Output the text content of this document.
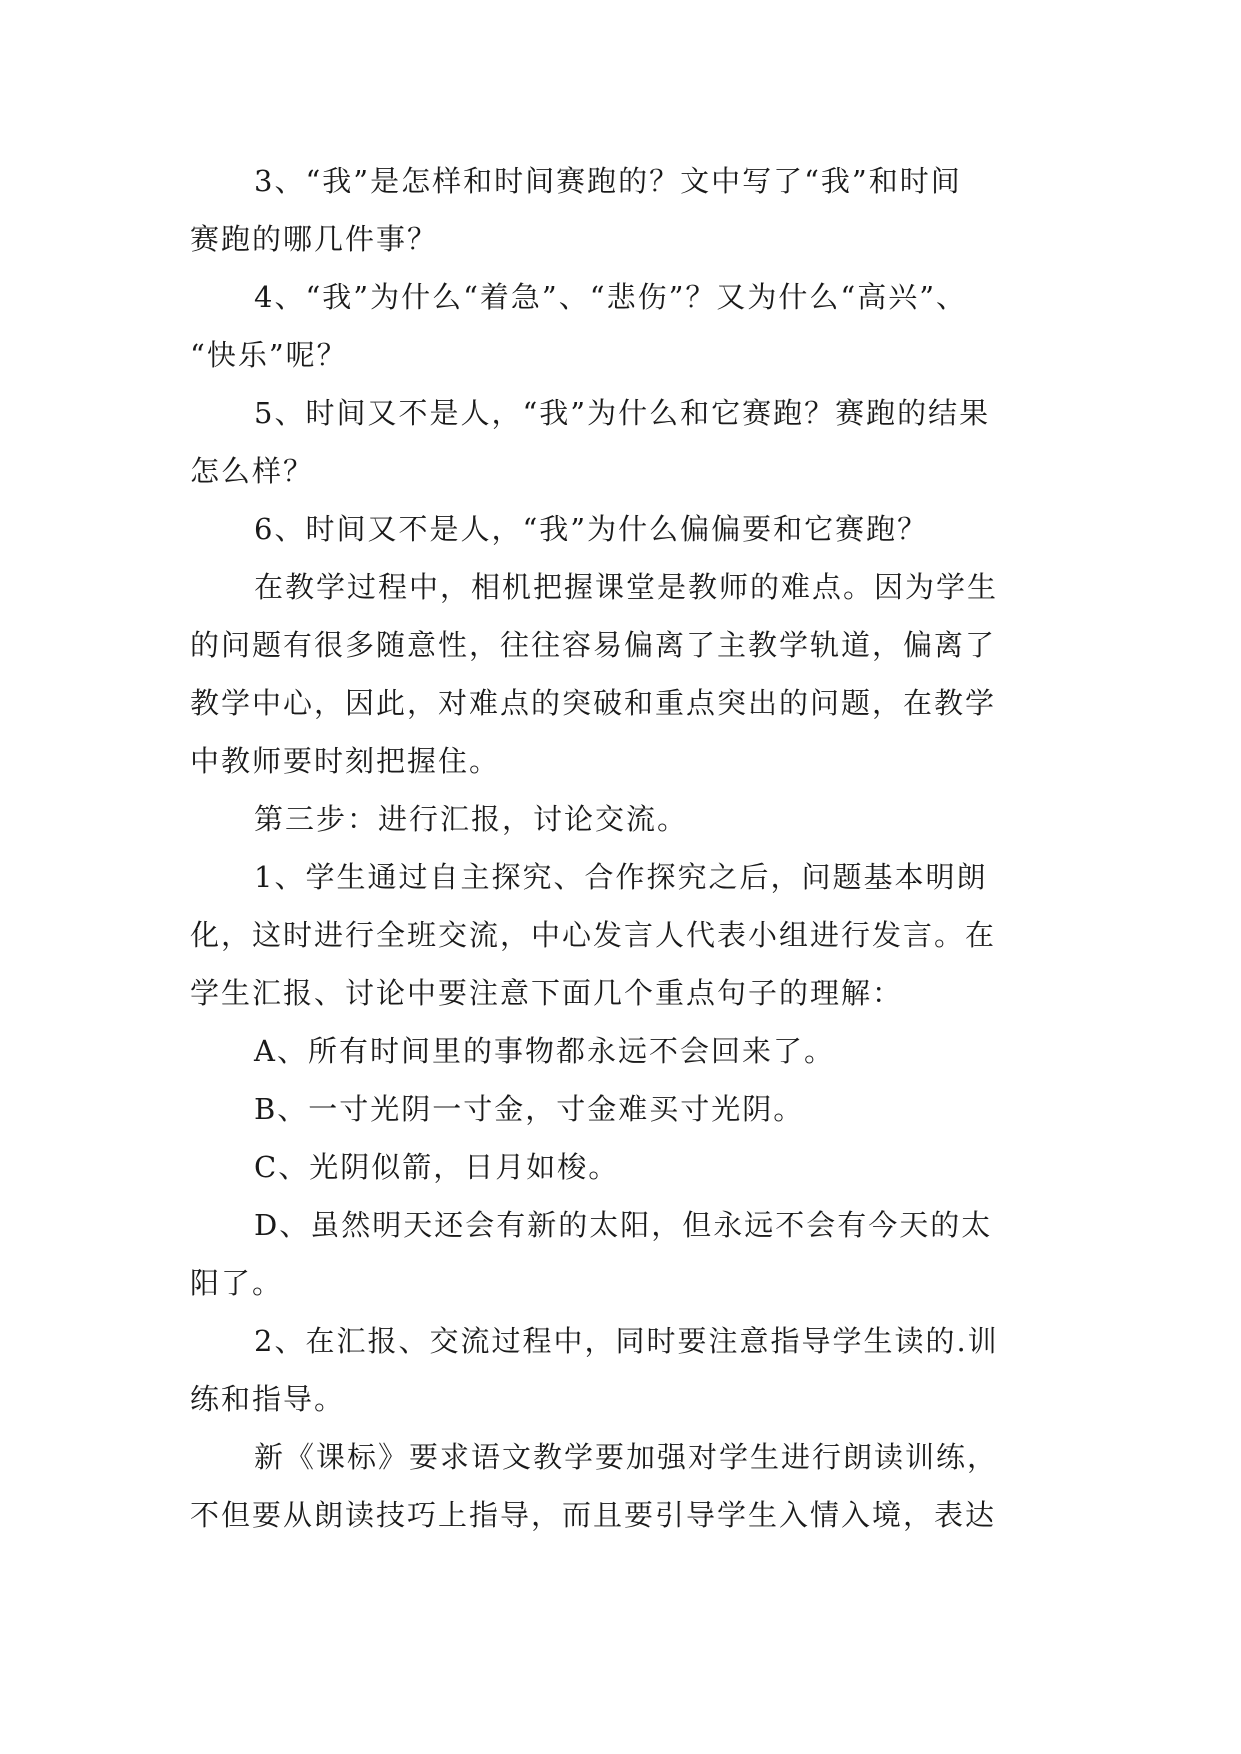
3、“我”是怎样和时间赛跑的？文中写了“我”和时间
赛跑的哪几件事？
4、“我”为什么“着急”、“悲伤”？又为什么“高兴”、
“快乐”呢？
5、时间又不是人，“我”为什么和它赛跑？赛跑的结果
怎么样？
6、时间又不是人，“我”为什么偏偏要和它赛跑？
在教学过程中，相机把握课堂是教师的难点。因为学生
的问题有很多随意性，往往容易偏离了主教学轨道，偏离了
教学中心，因此，对难点的突破和重点突出的问题，在教学
中教师要时刻把握住。
第三步：进行汇报，讨论交流。
1、学生通过自主探究、合作探究之后，问题基本明朗
化，这时进行全班交流，中心发言人代表小组进行发言。在
学生汇报、讨论中要注意下面几个重点句子的理解：
A、所有时间里的事物都永远不会回来了。
B、一寸光阴一寸金，寸金难买寸光阴。
C、光阴似箭，日月如梭。
D、虽然明天还会有新的太阳，但永远不会有今天的太
阳了。
2、在汇报、交流过程中，同时要注意指导学生读的.训
练和指导。
新《课标》要求语文教学要加强对学生进行朗读训练，
不但要从朗读技巧上指导，而且要引导学生入情入境，表达
